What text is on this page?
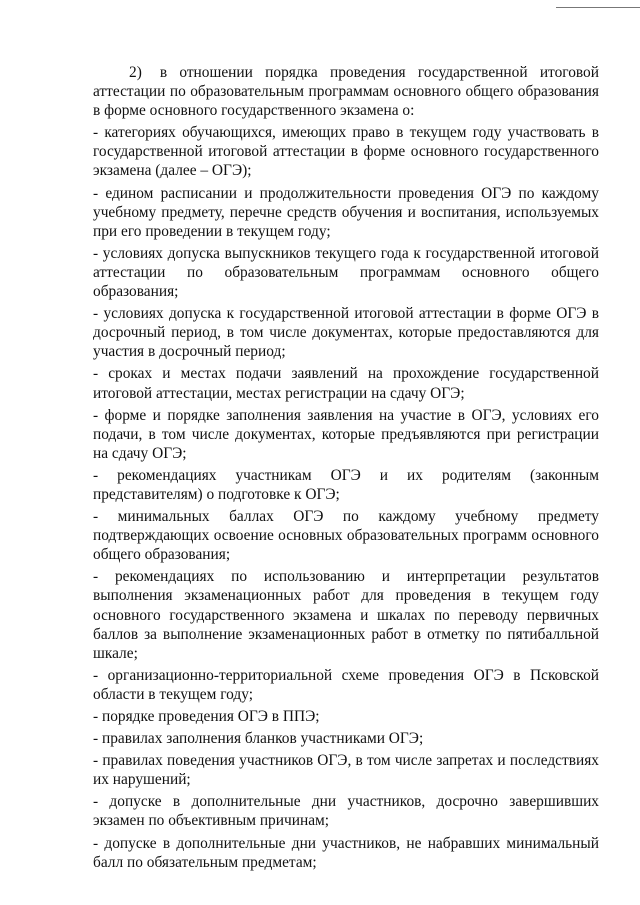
2) в отношении порядка проведения государственной итоговой аттестации по образовательным программам основного общего образования в форме основного государственного экзамена о:

- категориях обучающихся, имеющих право в текущем году участвовать в государственной итоговой аттестации в форме основного государственного экзамена (далее – ОГЭ);

- едином расписании и продолжительности проведения ОГЭ по каждому учебному предмету, перечне средств обучения и воспитания, используемых при его проведении в текущем году;

- условиях допуска выпускников текущего года к государственной итоговой аттестации по образовательным программам основного общего образования;

- условиях допуска к государственной итоговой аттестации в форме ОГЭ в досрочный период, в том числе документах, которые предоставляются для участия в досрочный период;

- сроках и местах подачи заявлений на прохождение государственной итоговой аттестации, местах регистрации на сдачу ОГЭ;

- форме и порядке заполнения заявления на участие в ОГЭ, условиях его подачи, в том числе документах, которые предъявляются при регистрации на сдачу ОГЭ;

- рекомендациях участникам ОГЭ и их родителям (законным представителям) о подготовке к ОГЭ;

- минимальных баллах ОГЭ по каждому учебному предмету подтверждающих освоение основных образовательных программ основного общего образования;

- рекомендациях по использованию и интерпретации результатов выполнения экзаменационных работ для проведения в текущем году основного государственного экзамена и шкалах по переводу первичных баллов за выполнение экзаменационных работ в отметку по пятибалльной шкале;

- организационно-территориальной схеме проведения ОГЭ в Псковской области в текущем году;

- порядке проведения ОГЭ в ППЭ;

- правилах заполнения бланков участниками ОГЭ;

- правилах поведения участников ОГЭ, в том числе запретах и последствиях их нарушений;

- допуске в дополнительные дни участников, досрочно завершивших экзамен по объективным причинам;

- допуске в дополнительные дни участников, не набравших минимальный балл по обязательным предметам;
